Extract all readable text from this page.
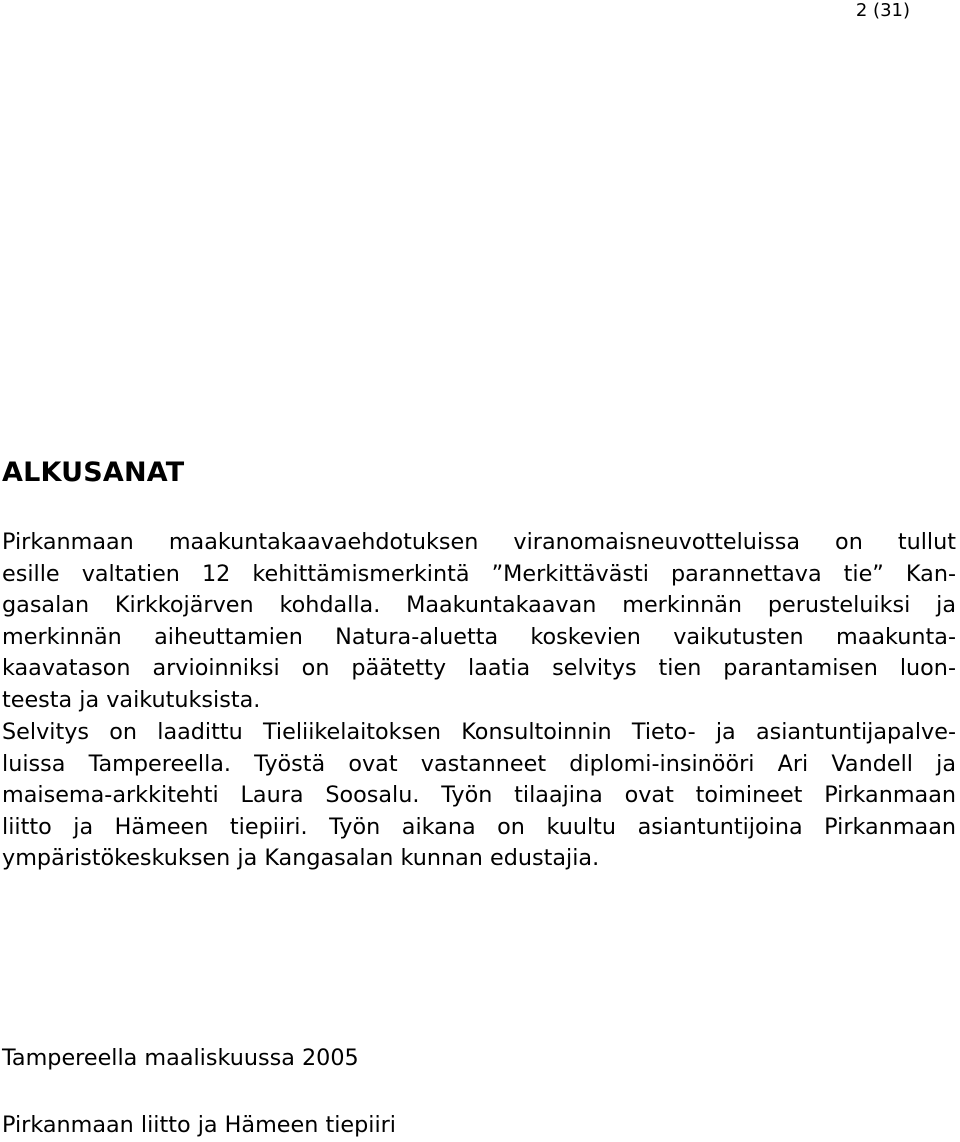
2 (31)
ALKUSANAT
Pirkanmaan maakuntakaavaehdotuksen viranomaisneuvotteluissa on tullut
esille valtatien 12 kehittämismerkintä ”Merkittävästi parannettava tie” Kan-
gasalan Kirkkojärven kohdalla. Maakuntakaavan merkinnän perusteluiksi ja
merkinnän aiheuttamien Natura-aluetta koskevien vaikutusten maakunta-
kaavatason arvioinniksi on päätetty laatia selvitys tien parantamisen luon-
teesta ja vaikutuksista.
Selvitys on laadittu Tieliikelaitoksen Konsultoinnin Tieto- ja asiantuntijapalve-
luissa Tampereella. Työstä ovat vastanneet diplomi-insinööri Ari Vandell ja
maisema-arkkitehti Laura Soosalu. Työn tilaajina ovat toimineet Pirkanmaan
liitto ja Hämeen tiepiiri. Työn aikana on kuultu asiantuntijoina Pirkanmaan
ympäristökeskuksen ja Kangasalan kunnan edustajia.

Tampereella maaliskuussa 2005

Pirkanmaan liitto ja Hämeen tiepiiri
